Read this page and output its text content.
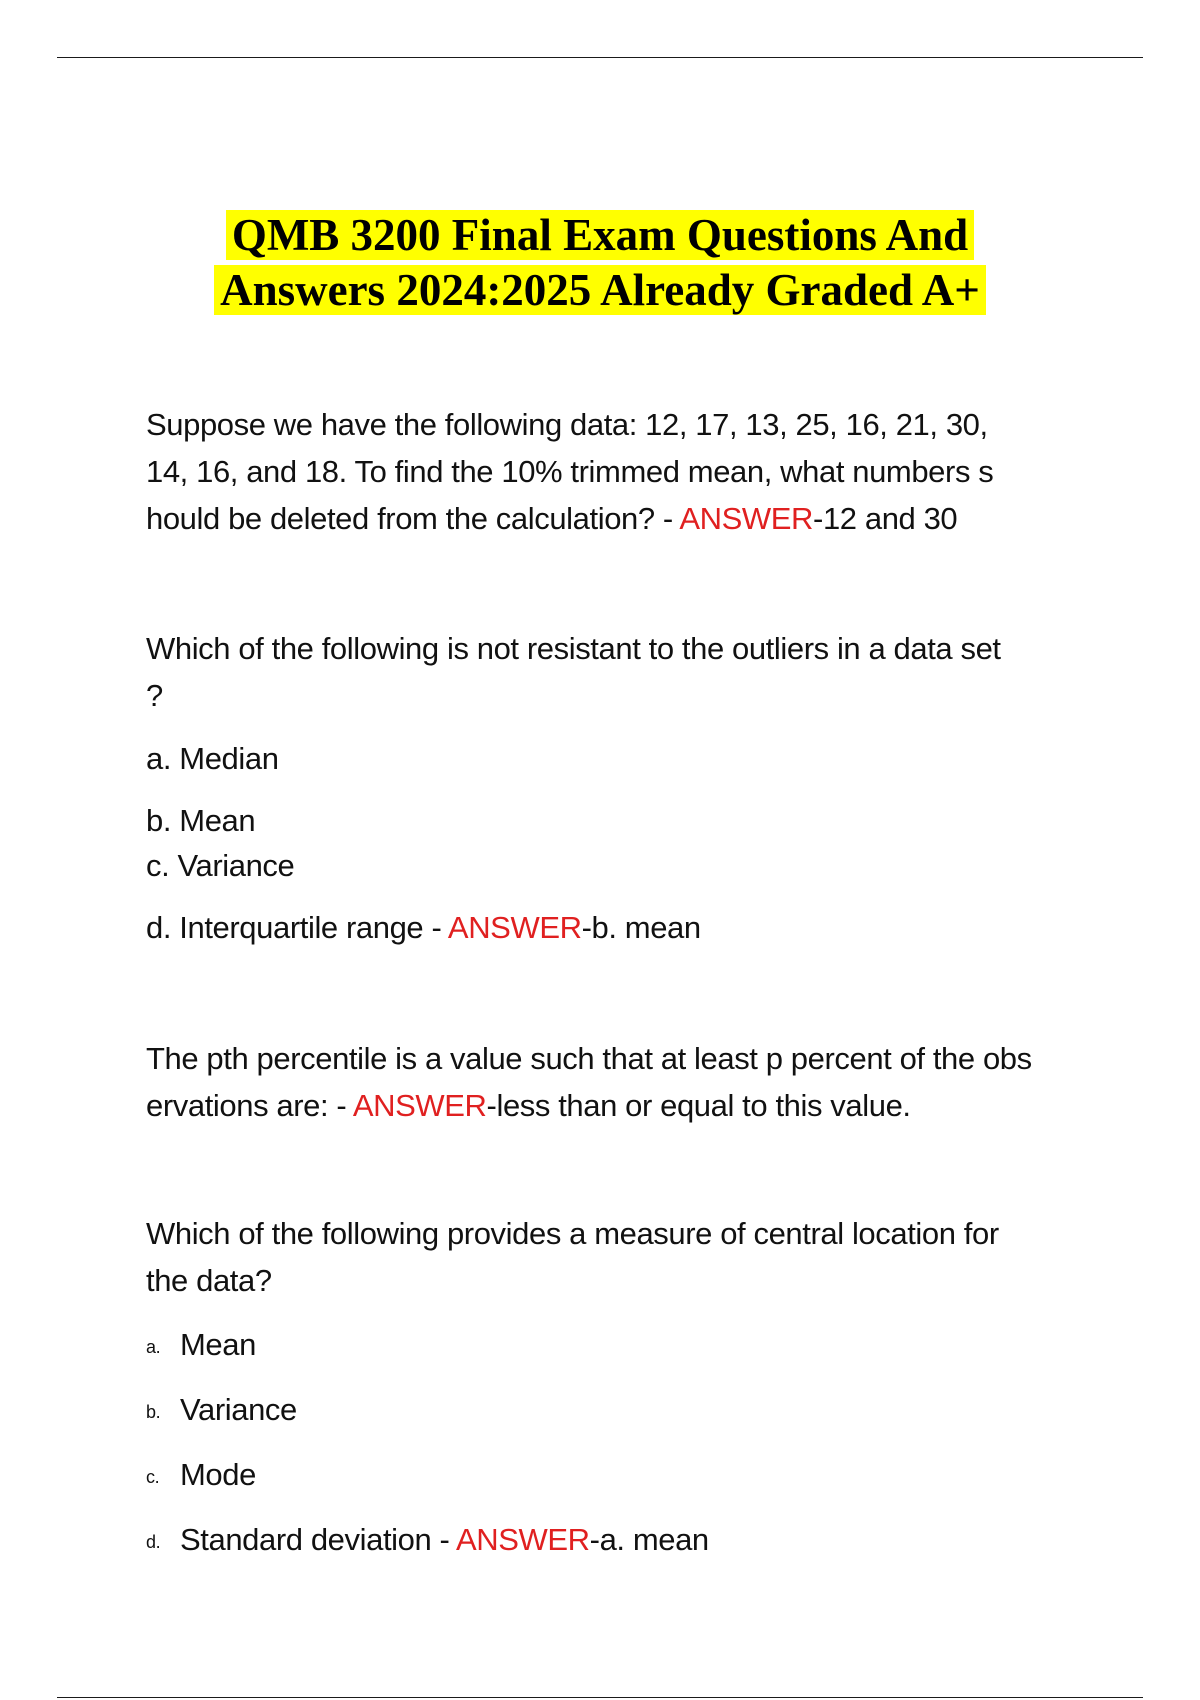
QMB 3200 Final Exam Questions And
Answers 2024:2025 Already Graded A+
Suppose we have the following data: 12, 17, 13, 25, 16, 21, 30,
14, 16, and 18. To find the 10% trimmed mean, what numbers s
hould be deleted from the calculation? - ANSWER-12 and 30
Which of the following is not resistant to the outliers in a data set
?
a. Median
b. Mean
c. Variance
d. Interquartile range - ANSWER-b. mean
The pth percentile is a value such that at least p percent of the obs
ervations are: - ANSWER-less than or equal to this value.
Which of the following provides a measure of central location for
the data?
a. Mean
b. Variance
c. Mode
d. Standard deviation - ANSWER-a. mean
